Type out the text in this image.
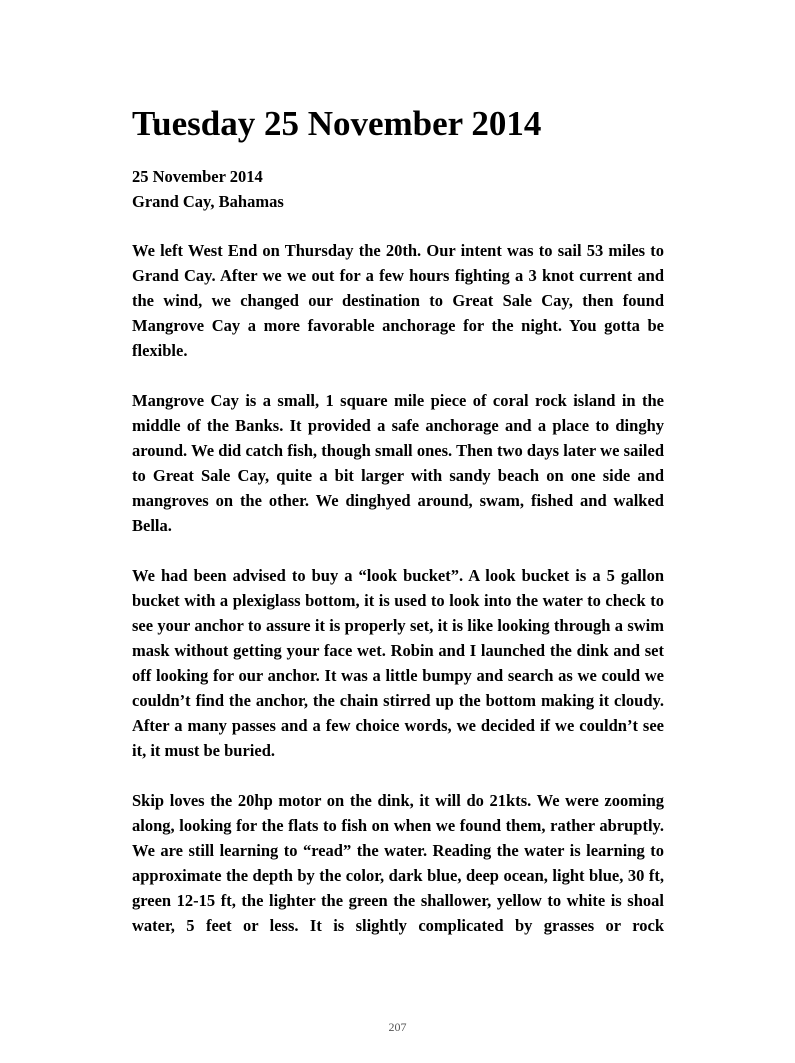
Tuesday 25 November 2014
25 November 2014
Grand Cay, Bahamas

We left West End on Thursday the 20th. Our intent was to sail 53 miles to Grand Cay. After we we out for a few hours fighting a 3 knot current and the wind, we changed our destination to Great Sale Cay, then found Mangrove Cay a more favorable anchorage for the night. You gotta be flexible.

Mangrove Cay is a small, 1 square mile piece of coral rock island in the middle of the Banks. It provided a safe anchorage and a place to dinghy around. We did catch fish, though small ones. Then two days later we sailed to Great Sale Cay, quite a bit larger with sandy beach on one side and mangroves on the other. We dinghyed around, swam, fished and walked Bella.

We had been advised to buy a “look bucket”. A look bucket is a 5 gallon bucket with a plexiglass bottom, it is used to look into the water to check to see your anchor to assure it is properly set, it is like looking through a swim mask without getting your face wet. Robin and I launched the dink and set off looking for our anchor. It was a little bumpy and search as we could we couldn’t find the anchor, the chain stirred up the bottom making it cloudy. After a many passes and a few choice words, we decided if we couldn’t see it, it must be buried.

Skip loves the 20hp motor on the dink, it will do 21kts. We were zooming along, looking for the flats to fish on when we found them, rather abruptly. We are still learning to “read” the water. Reading the water is learning to approximate the depth by the color, dark blue, deep ocean, light blue, 30 ft, green 12-15 ft, the lighter the green the shallower, yellow to white is shoal water, 5 feet or less. It is slightly complicated by grasses or rock

207
